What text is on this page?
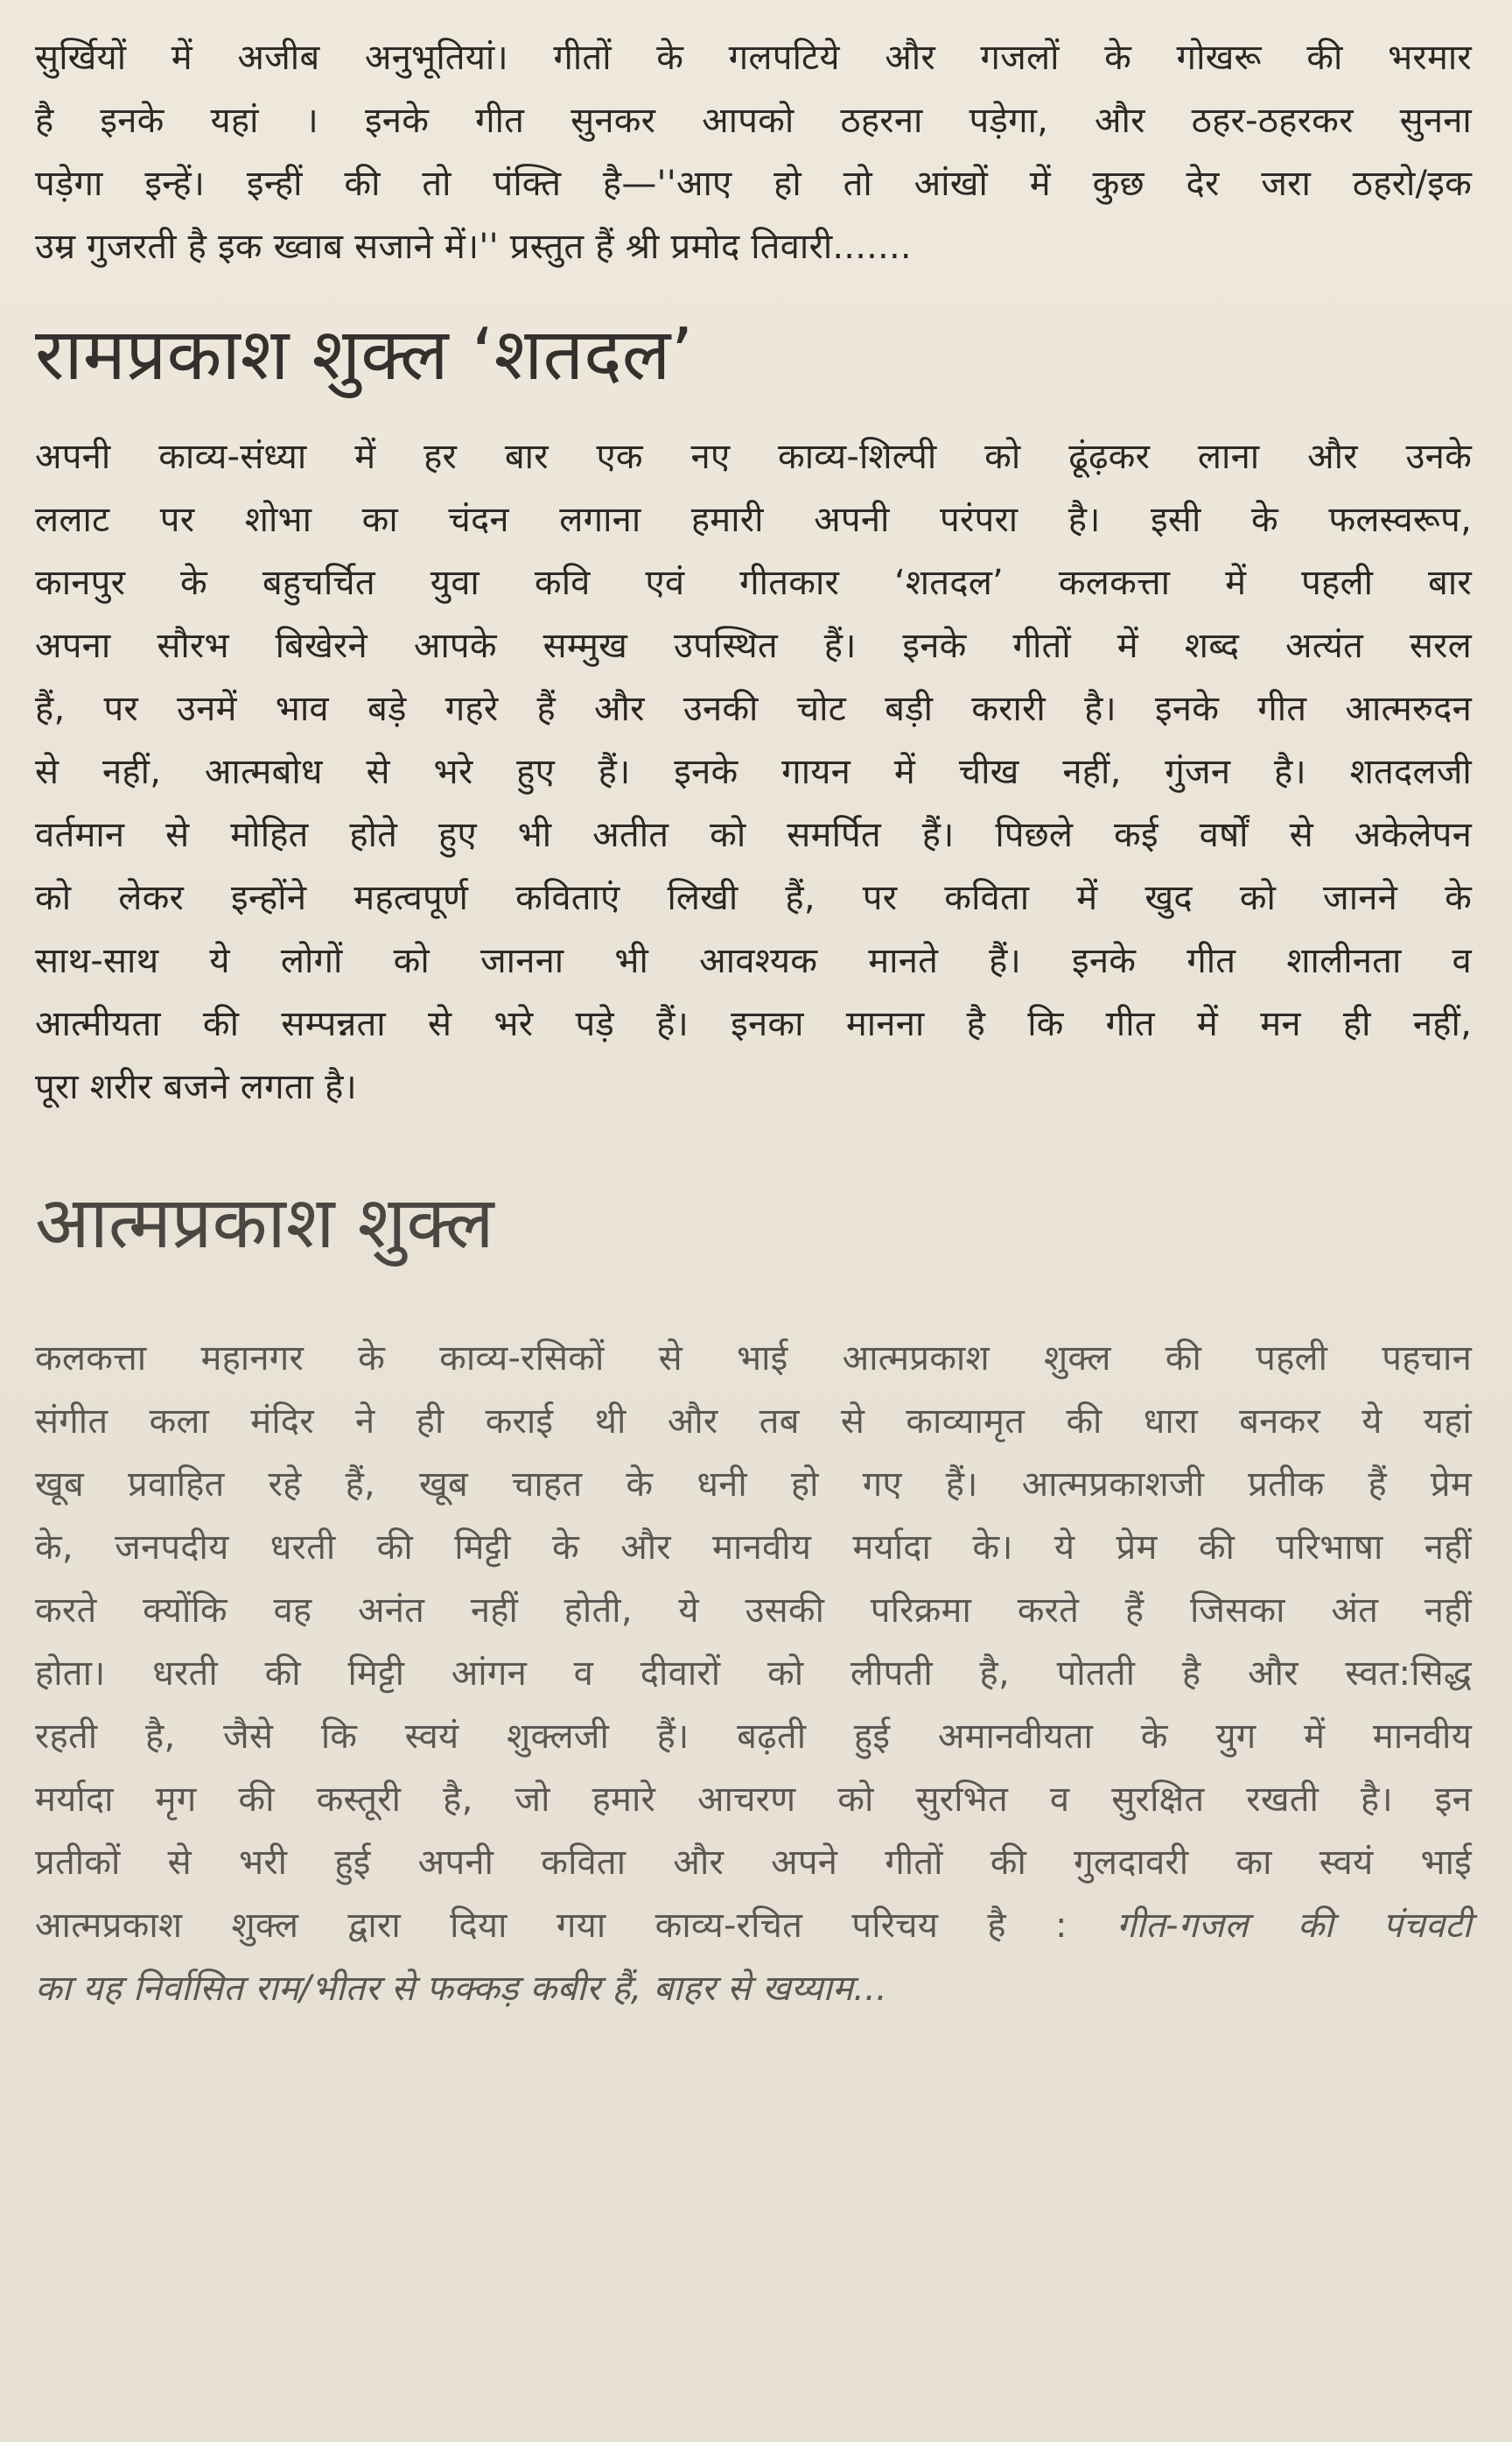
सुर्खियों में अजीब अनुभूतियां। गीतों के गलपटिये और गजलों के गोखरू की भरमार
है इनके यहां । इनके गीत सुनकर आपको ठहरना पड़ेगा, और ठहर-ठहरकर सुनना
पड़ेगा इन्हें। इन्हीं की तो पंक्ति है—''आए हो तो आंखों में कुछ देर जरा ठहरो/इक
उम्र गुजरती है इक ख्वाब सजाने में।'' प्रस्तुत हैं श्री प्रमोद तिवारी.......
रामप्रकाश शुक्ल ‘शतदल’
अपनी काव्य-संध्या में हर बार एक नए काव्य-शिल्पी को ढूंढ़कर लाना और उनके
ललाट पर शोभा का चंदन लगाना हमारी अपनी परंपरा है। इसी के फलस्वरूप,
कानपुर के बहुचर्चित युवा कवि एवं गीतकार ‘शतदल’ कलकत्ता में पहली बार
अपना सौरभ बिखेरने आपके सम्मुख उपस्थित हैं। इनके गीतों में शब्द अत्यंत सरल
हैं, पर उनमें भाव बड़े गहरे हैं और उनकी चोट बड़ी करारी है। इनके गीत आत्मरुदन
से नहीं, आत्मबोध से भरे हुए हैं। इनके गायन में चीख नहीं, गुंजन है। शतदलजी
वर्तमान से मोहित होते हुए भी अतीत को समर्पित हैं। पिछले कई वर्षों से अकेलेपन
को लेकर इन्होंने महत्वपूर्ण कविताएं लिखी हैं, पर कविता में खुद को जानने के
साथ-साथ ये लोगों को जानना भी आवश्यक मानते हैं। इनके गीत शालीनता व
आत्मीयता की सम्पन्नता से भरे पड़े हैं। इनका मानना है कि गीत में मन ही नहीं,
पूरा शरीर बजने लगता है।
आत्मप्रकाश शुक्ल
कलकत्ता महानगर के काव्य-रसिकों से भाई आत्मप्रकाश शुक्ल की पहली पहचान
संगीत कला मंदिर ने ही कराई थी और तब से काव्यामृत की धारा बनकर ये यहां
खूब प्रवाहित रहे हैं, खूब चाहत के धनी हो गए हैं। आत्मप्रकाशजी प्रतीक हैं प्रेम
के, जनपदीय धरती की मिट्टी के और मानवीय मर्यादा के। ये प्रेम की परिभाषा नहीं
करते क्योंकि वह अनंत नहीं होती, ये उसकी परिक्रमा करते हैं जिसका अंत नहीं
होता। धरती की मिट्टी आंगन व दीवारों को लीपती है, पोतती है और स्वत:सिद्ध
रहती है, जैसे कि स्वयं शुक्लजी हैं। बढ़ती हुई अमानवीयता के युग में मानवीय
मर्यादा मृग की कस्तूरी है, जो हमारे आचरण को सुरभित व सुरक्षित रखती है। इन
प्रतीकों से भरी हुई अपनी कविता और अपने गीतों की गुलदावरी का स्वयं भाई
आत्मप्रकाश शुक्ल द्वारा दिया गया काव्य-रचित परिचय है : गीत-गजल की पंचवटी
का यह निर्वासित राम/भीतर से फक्कड़ कबीर हैं, बाहर से खय्याम...
